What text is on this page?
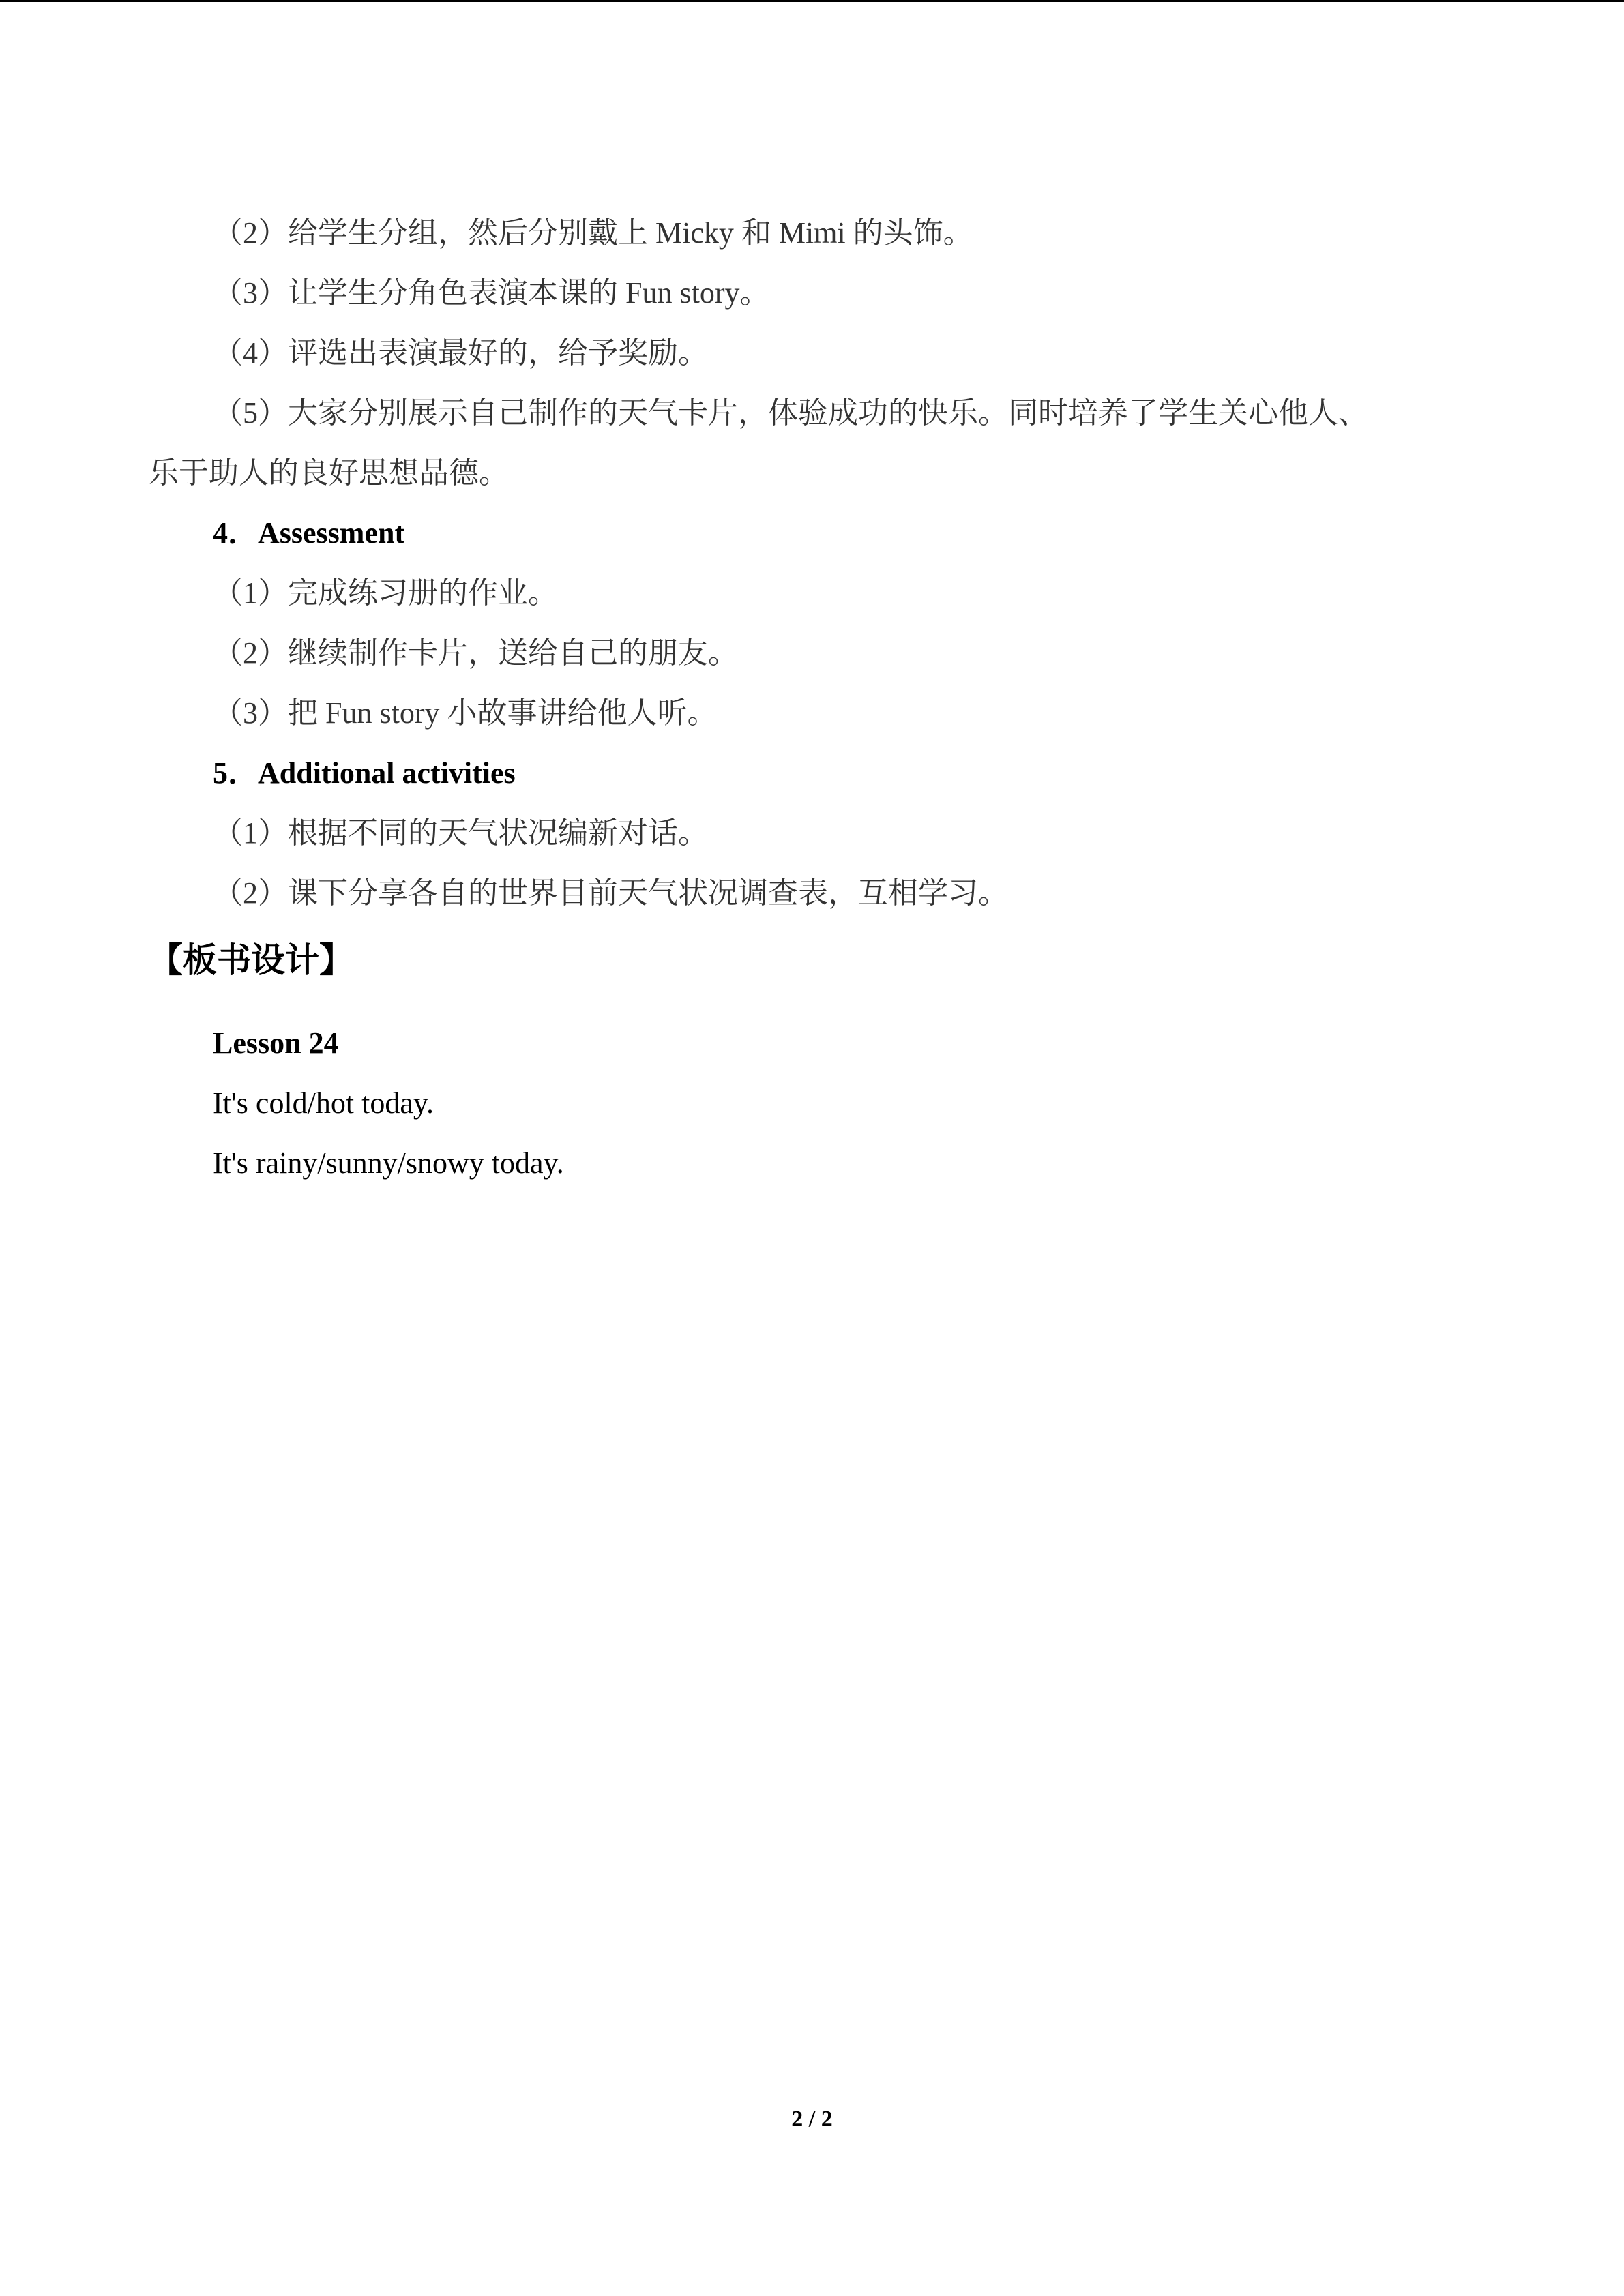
（2）给学生分组，然后分别戴上 Micky 和 Mimi 的头饰。
（3）让学生分角色表演本课的 Fun story。
（4）评选出表演最好的，给予奖励。
（5）大家分别展示自己制作的天气卡片，体验成功的快乐。同时培养了学生关心他人、
乐于助人的良好思想品德。
4．Assessment
（1）完成练习册的作业。
（2）继续制作卡片，送给自己的朋友。
（3）把 Fun story 小故事讲给他人听。
5．Additional activities
（1）根据不同的天气状况编新对话。
（2）课下分享各自的世界目前天气状况调查表，互相学习。
【板书设计】
Lesson 24
It's cold/hot today.
It's rainy/sunny/snowy today.
2 / 2
